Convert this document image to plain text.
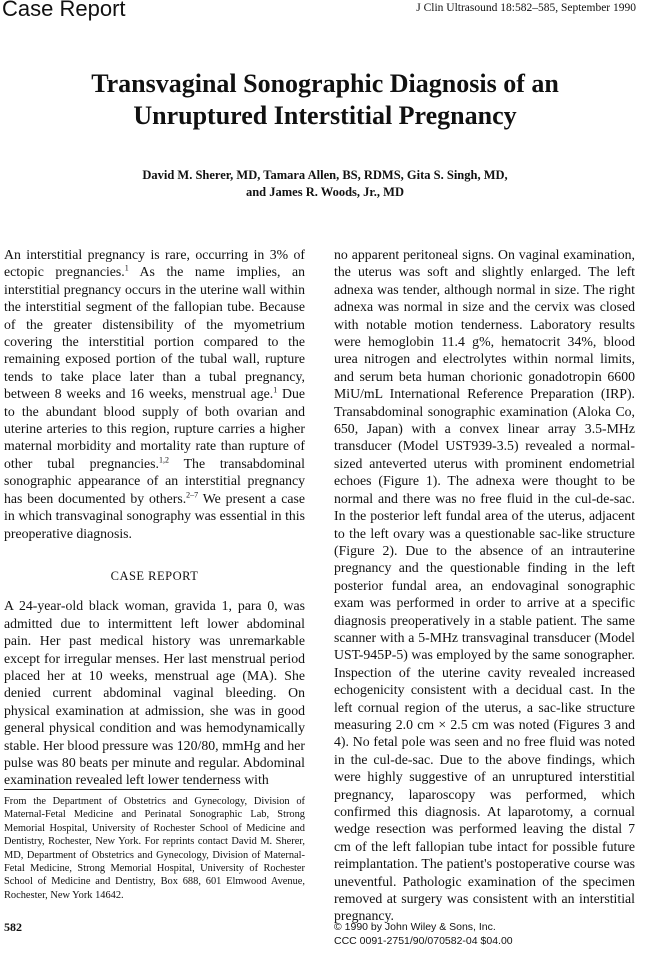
Case Report	J Clin Ultrasound 18:582–585, September 1990
Transvaginal Sonographic Diagnosis of an
Unruptured Interstitial Pregnancy
David M. Sherer, MD, Tamara Allen, BS, RDMS, Gita S. Singh, MD,
and James R. Woods, Jr., MD

An interstitial pregnancy is rare, occurring in 3% of ectopic pregnancies.$^1$ As the name implies, an interstitial pregnancy occurs in the uterine wall within the interstitial segment of the fallopian tube. Because of the greater distensibility of the myometrium covering the interstitial portion compared to the remaining exposed portion of the tubal wall, rupture tends to take place later than a tubal pregnancy, between 8 weeks and 16 weeks, menstrual age.$^1$ Due to the abundant blood supply of both ovarian and uterine arteries to this region, rupture carries a higher maternal morbidity and mortality rate than rupture of other tubal pregnancies.$^{1,2}$ The transabdominal sonographic appearance of an interstitial pregnancy has been documented by others.$^{2-7}$ We present a case in which transvaginal sonography was essential in this preoperative diagnosis.

CASE REPORT

A 24-year-old black woman, gravida 1, para 0, was admitted due to intermittent left lower abdominal pain. Her past medical history was unremarkable except for irregular menses. Her last menstrual period placed her at 10 weeks, menstrual age (MA). She denied current abdominal vaginal bleeding. On physical examination at admission, she was in good general physical condition and was hemodynamically stable. Her blood pressure was 120/80, mmHg and her pulse was 80 beats per minute and regular. Abdominal examination revealed left lower tenderness with

From the Department of Obstetrics and Gynecology, Division of Maternal-Fetal Medicine and Perinatal Sonographic Lab, Strong Memorial Hospital, University of Rochester School of Medicine and Dentistry, Rochester, New York. For reprints contact David M. Sherer, MD, Department of Obstetrics and Gynecology, Division of Maternal-Fetal Medicine, Strong Memorial Hospital, University of Rochester School of Medicine and Dentistry, Box 688, 601 Elmwood Avenue, Rochester, New York 14642.
582

no apparent peritoneal signs. On vaginal examination, the uterus was soft and slightly enlarged. The left adnexa was tender, although normal in size. The right adnexa was normal in size and the cervix was closed with notable motion tenderness. Laboratory results were hemoglobin 11.4 g%, hematocrit 34%, blood urea nitrogen and electrolytes within normal limits, and serum beta human chorionic gonadotropin 6600 MiU/mL International Reference Preparation (IRP). Transabdominal sonographic examination (Aloka Co, 650, Japan) with a convex linear array 3.5-MHz transducer (Model UST939-3.5) revealed a normal-sized anteverted uterus with prominent endometrial echoes (Figure 1). The adnexa were thought to be normal and there was no free fluid in the cul-de-sac. In the posterior left fundal area of the uterus, adjacent to the left ovary was a questionable sac-like structure (Figure 2). Due to the absence of an intrauterine pregnancy and the questionable finding in the left posterior fundal area, an endovaginal sonographic exam was performed in order to arrive at a specific diagnosis preoperatively in a stable patient. The same scanner with a 5-MHz transvaginal transducer (Model UST-945P-5) was employed by the same sonographer. Inspection of the uterine cavity revealed increased echogenicity consistent with a decidual cast. In the left cornual region of the uterus, a sac-like structure measuring 2.0 cm × 2.5 cm was noted (Figures 3 and 4). No fetal pole was seen and no free fluid was noted in the cul-de-sac. Due to the above findings, which were highly suggestive of an unruptured interstitial pregnancy, laparoscopy was performed, which confirmed this diagnosis. At laparotomy, a cornual wedge resection was performed leaving the distal 7 cm of the left fallopian tube intact for possible future reimplantation. The patient's postoperative course was uneventful. Pathologic examination of the specimen removed at surgery was consistent with an interstitial pregnancy.

© 1990 by John Wiley & Sons, Inc.
CCC 0091-2751/90/070582-04 $04.00
